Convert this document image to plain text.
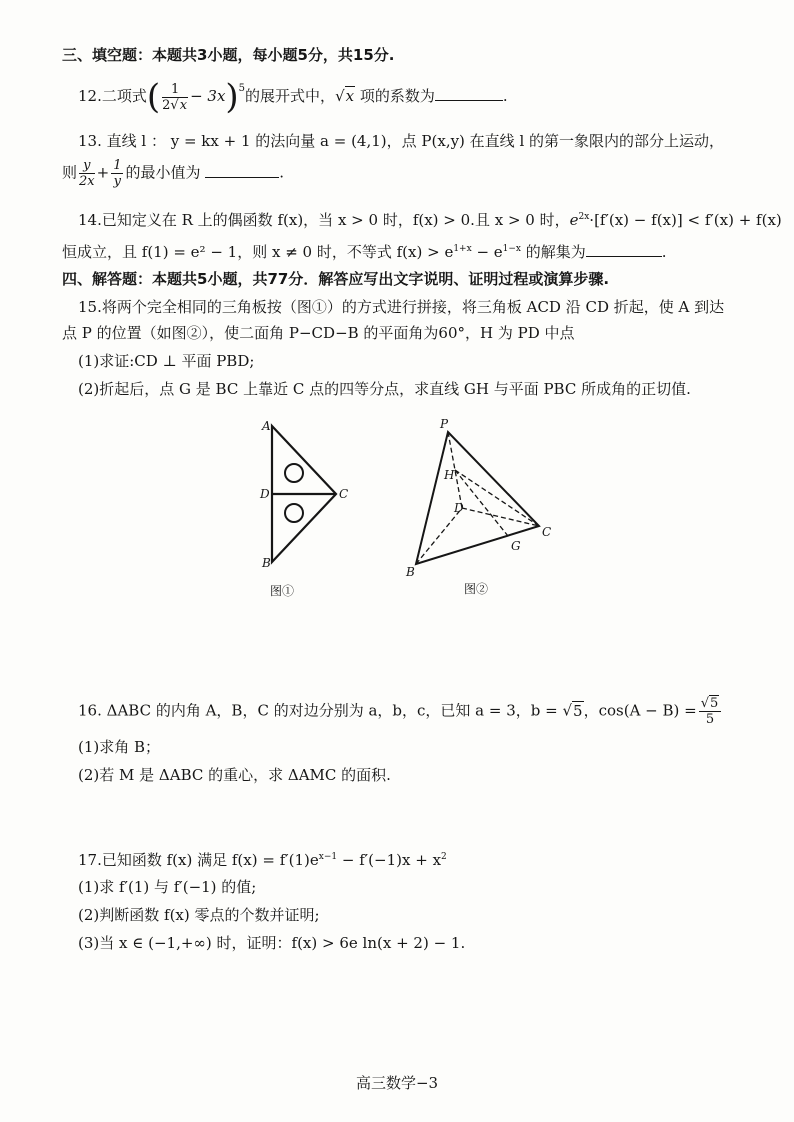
三、填空题：本题共3小题，每小题5分，共15分.
12.二项式( $\frac{1}{2√x} - 3x)^5$的展开式中，√x 项的系数为	.
13. 直线 l ： y = kx + 1 的法向量 a = (4,1)，点 P(x,y) 在直线 l 的第一象限内的部分上运动，
则 $\frac{y}{2x} + \frac{1}{y}$ 的最小值为	.
14.已知定义在 R 上的偶函数 f(x)，当 x > 0 时，f(x) > 0.且 x > 0 时，$e^{2x}\cdot[f'(x) - f(x)] < f'(x) + f(x)$
恒成立，且 f(1) = e² − 1，则 x ≠ 0 时，不等式 $f(x) > e^{1+x} - e^{1-x}$ 的解集为	.
四、解答题：本题共5小题，共77分．解答应写出文字说明、证明过程或演算步骤.
15.将两个完全相同的三角板按（图①）的方式进行拼接，将三角板 ACD 沿 CD 折起，使 A 到达
点 P 的位置（如图②），使二面角 P−CD−B 的平面角为60°，H 为 PD 中点
(1)求证:CD ⊥ 平面 PBD;
(2)折起后，点 G 是 BC 上靠近 C 点的四等分点，求直线 GH 与平面 PBC 所成角的正切值.
A
D	C
B
图①
P
H
D
C
G
B
图②
16. ΔABC 的内角 A，B，C 的对边分别为 a，b，c，已知 a = 3，b = √5，$\cos(A - B) = \frac{√5}{5}$
(1)求角 B；
(2)若 M 是 ΔABC 的重心，求 ΔAMC 的面积.
17.已知函数 f(x) 满足 $f(x) = f'(1)e^{x-1} - f'(-1)x + x^2$
(1)求 f′(1) 与 f′(−1) 的值;
(2)判断函数 f(x) 零点的个数并证明;
(3)当 x ∈ (−1,+∞) 时，证明：f(x) > 6e ln(x + 2) − 1.
高三数学−3
